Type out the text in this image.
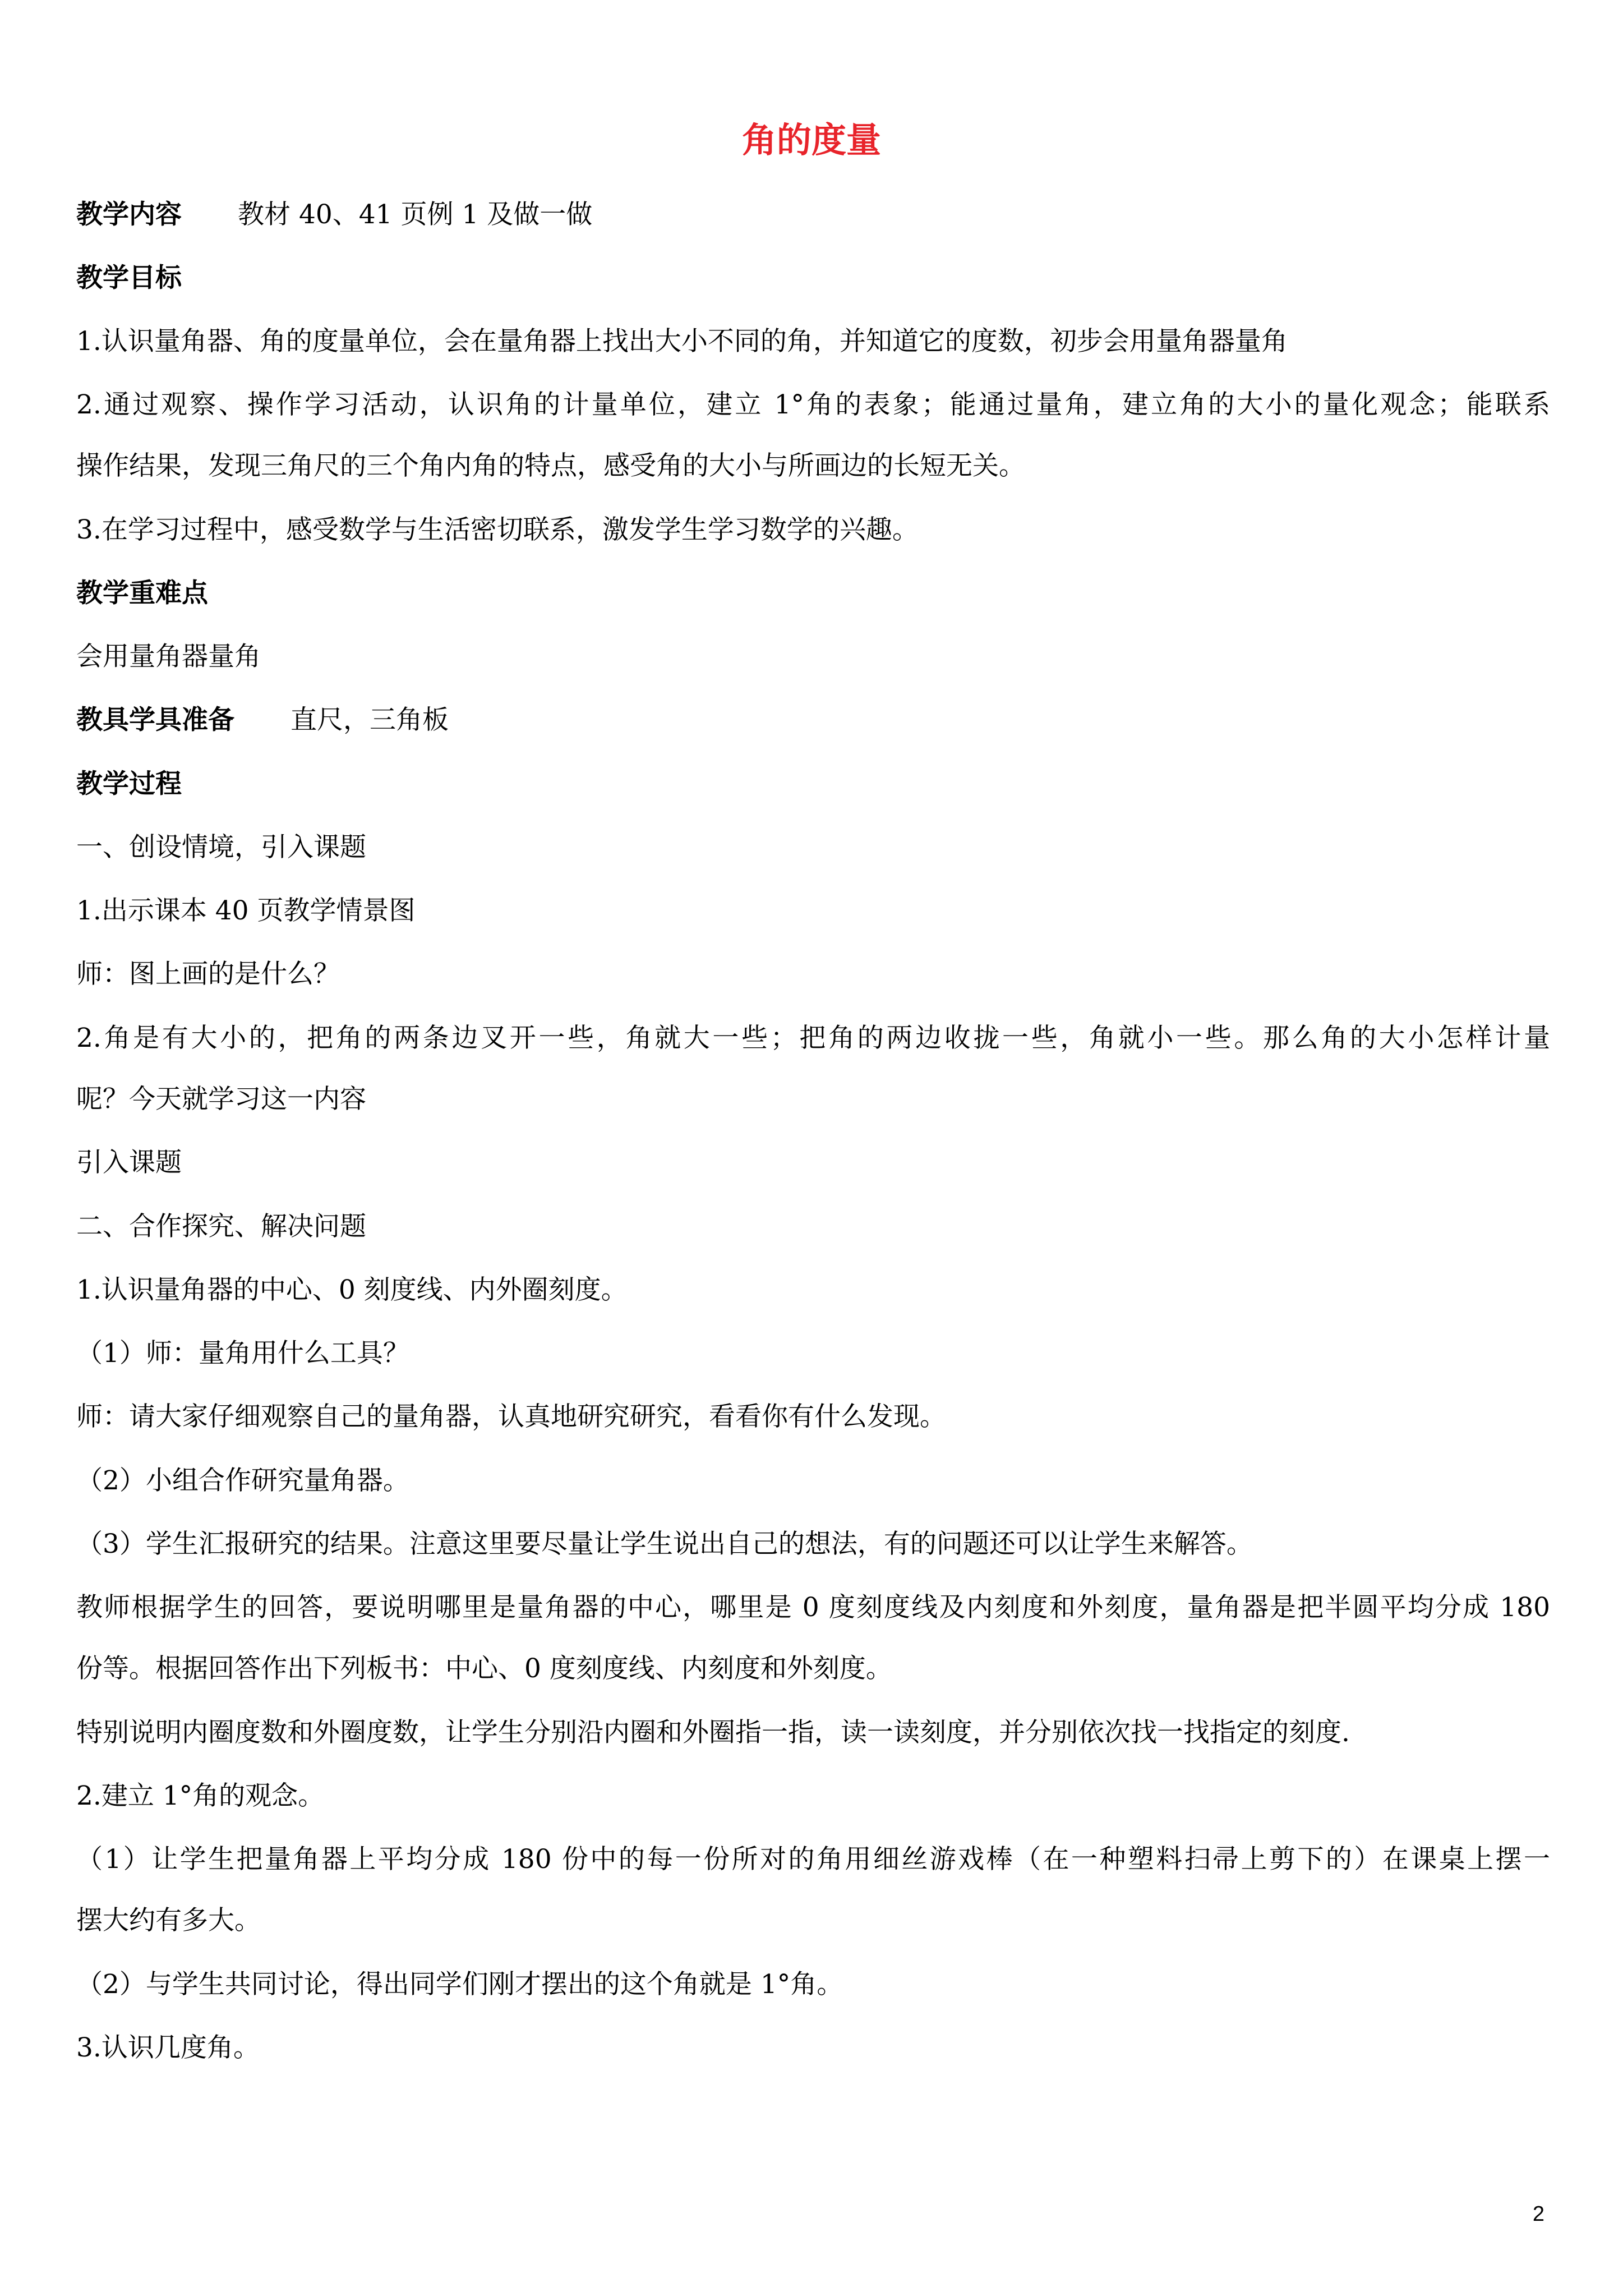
角的度量
教学内容 教材 40、41 页例 1 及做一做
教学目标
1.认识量角器、角的度量单位，会在量角器上找出大小不同的角，并知道它的度数，初步会用量角器量角
2.通过观察、操作学习活动，认识角的计量单位，建立 1°角的表象；能通过量角，建立角的大小的量化观念；能联系
操作结果，发现三角尺的三个角内角的特点，感受角的大小与所画边的长短无关。
3.在学习过程中，感受数学与生活密切联系，激发学生学习数学的兴趣。
教学重难点
会用量角器量角
教具学具准备 直尺，三角板
教学过程
一、创设情境，引入课题
1.出示课本 40 页教学情景图
师：图上画的是什么？
2.角是有大小的，把角的两条边叉开一些，角就大一些；把角的两边收拢一些，角就小一些。那么角的大小怎样计量
呢？今天就学习这一内容
引入课题
二、合作探究、解决问题
1.认识量角器的中心、0 刻度线、内外圈刻度。
（1）师：量角用什么工具？
师：请大家仔细观察自己的量角器，认真地研究研究，看看你有什么发现。
（2）小组合作研究量角器。
（3）学生汇报研究的结果。注意这里要尽量让学生说出自己的想法，有的问题还可以让学生来解答。
教师根据学生的回答，要说明哪里是量角器的中心，哪里是 0 度刻度线及内刻度和外刻度，量角器是把半圆平均分成 180
份等。根据回答作出下列板书：中心、0 度刻度线、内刻度和外刻度。
特别说明内圈度数和外圈度数，让学生分别沿内圈和外圈指一指，读一读刻度，并分别依次找一找指定的刻度.
2.建立 1°角的观念。
（1）让学生把量角器上平均分成 180 份中的每一份所对的角用细丝游戏棒（在一种塑料扫帚上剪下的）在课桌上摆一
摆大约有多大。
（2）与学生共同讨论，得出同学们刚才摆出的这个角就是 1°角。
3.认识几度角。
2
